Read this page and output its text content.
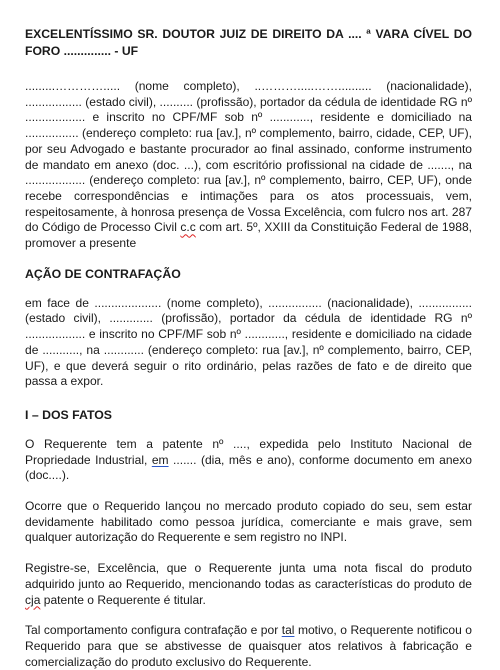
EXCELENTÍSSIMO SR. DOUTOR JUIZ DE DIREITO DA .... ª VARA CÍVEL DO FORO .............. - UF

.........…………..... (nome completo), ..……….....…….......... (nacionalidade), ................. (estado civil), .......... (profissão), portador da cédula de identidade RG nº .................. e inscrito no CPF/MF sob nº ............, residente e domiciliado na ................ (endereço completo: rua [av.], nº complemento, bairro, cidade, CEP, UF), por seu Advogado e bastante procurador ao final assinado, conforme instrumento de mandato em anexo (doc. ...), com escritório profissional na cidade de ......., na .................. (endereço completo: rua [av.], nº complemento, bairro, CEP, UF), onde recebe correspondências e intimações para os atos processuais, vem, respeitosamente, à honrosa presença de Vossa Excelência, com fulcro nos art. 287 do Código de Processo Civil c.c com art. 5º, XXIII da Constituição Federal de 1988, promover a presente

AÇÃO DE CONTRAFAÇÃO

em face de .................... (nome completo), ................ (nacionalidade), ................ (estado civil), ............. (profissão), portador da cédula de identidade RG nº .................. e inscrito no CPF/MF sob nº ............, residente e domiciliado na cidade de ..........., na ............ (endereço completo: rua [av.], nº complemento, bairro, CEP, UF), e que deverá seguir o rito ordinário, pelas razões de fato e de direito que passa a expor.

I – DOS FATOS

O Requerente tem a patente nº ...., expedida pelo Instituto Nacional de Propriedade Industrial, em ....... (dia, mês e ano), conforme documento em anexo (doc....).

Ocorre que o Requerido lançou no mercado produto copiado do seu, sem estar devidamente habilitado como pessoa jurídica, comerciante e mais grave, sem qualquer autorização do Requerente e sem registro no INPI.

Registre-se, Excelência, que o Requerente junta uma nota fiscal do produto adquirido junto ao Requerido, mencionando todas as características do produto de cja patente o Requerente é titular.

Tal comportamento configura contrafação e por tal motivo, o Requerente notificou o Requerido para que se abstivesse de quaisquer atos relativos à fabricação e comercialização do produto exclusivo do Requerente.
